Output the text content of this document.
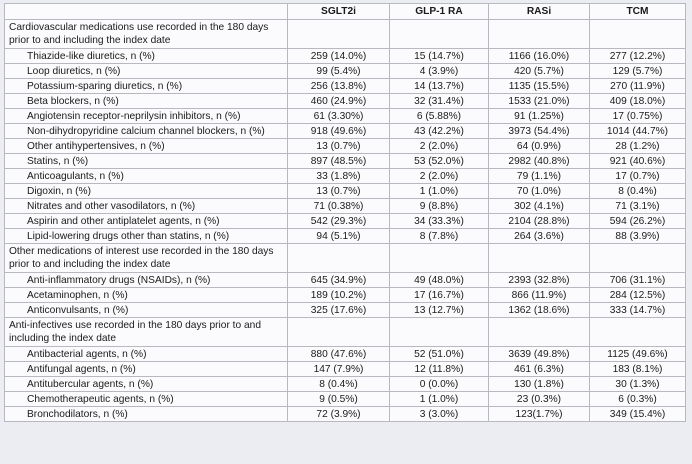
	SGLT2i	GLP-1 RA	RASi	TCM
Cardiovascular medications use recorded in the 180 days prior to and including the index date				
Thiazide-like diuretics, n (%)	259 (14.0%)	15 (14.7%)	1166 (16.0%)	277 (12.2%)
Loop diuretics, n (%)	99 (5.4%)	4 (3.9%)	420 (5.7%)	129 (5.7%)
Potassium-sparing diuretics, n (%)	256 (13.8%)	14 (13.7%)	1135 (15.5%)	270 (11.9%)
Beta blockers, n (%)	460 (24.9%)	32 (31.4%)	1533 (21.0%)	409 (18.0%)
Angiotensin receptor-neprilysin inhibitors, n (%)	61 (3.30%)	6 (5.88%)	91 (1.25%)	17 (0.75%)
Non-dihydropyridine calcium channel blockers, n (%)	918 (49.6%)	43 (42.2%)	3973 (54.4%)	1014 (44.7%)
Other antihypertensives, n (%)	13 (0.7%)	2 (2.0%)	64 (0.9%)	28 (1.2%)
Statins, n (%)	897 (48.5%)	53 (52.0%)	2982 (40.8%)	921 (40.6%)
Anticoagulants, n (%)	33 (1.8%)	2 (2.0%)	79 (1.1%)	17 (0.7%)
Digoxin, n (%)	13 (0.7%)	1 (1.0%)	70 (1.0%)	8 (0.4%)
Nitrates and other vasodilators, n (%)	71 (0.38%)	9 (8.8%)	302 (4.1%)	71 (3.1%)
Aspirin and other antiplatelet agents, n (%)	542 (29.3%)	34 (33.3%)	2104 (28.8%)	594 (26.2%)
Lipid-lowering drugs other than statins, n (%)	94 (5.1%)	8 (7.8%)	264 (3.6%)	88 (3.9%)
Other medications of interest use recorded in the 180 days prior to and including the index date				
Anti-inflammatory drugs (NSAIDs), n (%)	645 (34.9%)	49 (48.0%)	2393 (32.8%)	706 (31.1%)
Acetaminophen, n (%)	189 (10.2%)	17 (16.7%)	866 (11.9%)	284 (12.5%)
Anticonvulsants, n (%)	325 (17.6%)	13 (12.7%)	1362 (18.6%)	333 (14.7%)
Anti-infectives use recorded in the 180 days prior to and including the index date				
Antibacterial agents, n (%)	880 (47.6%)	52 (51.0%)	3639 (49.8%)	1125 (49.6%)
Antifungal agents, n (%)	147 (7.9%)	12 (11.8%)	461 (6.3%)	183 (8.1%)
Antitubercular agents, n (%)	8 (0.4%)	0 (0.0%)	130 (1.8%)	30 (1.3%)
Chemotherapeutic agents, n (%)	9 (0.5%)	1 (1.0%)	23 (0.3%)	6 (0.3%)
Bronchodilators, n (%)	72 (3.9%)	3 (3.0%)	123(1.7%)	349 (15.4%)
